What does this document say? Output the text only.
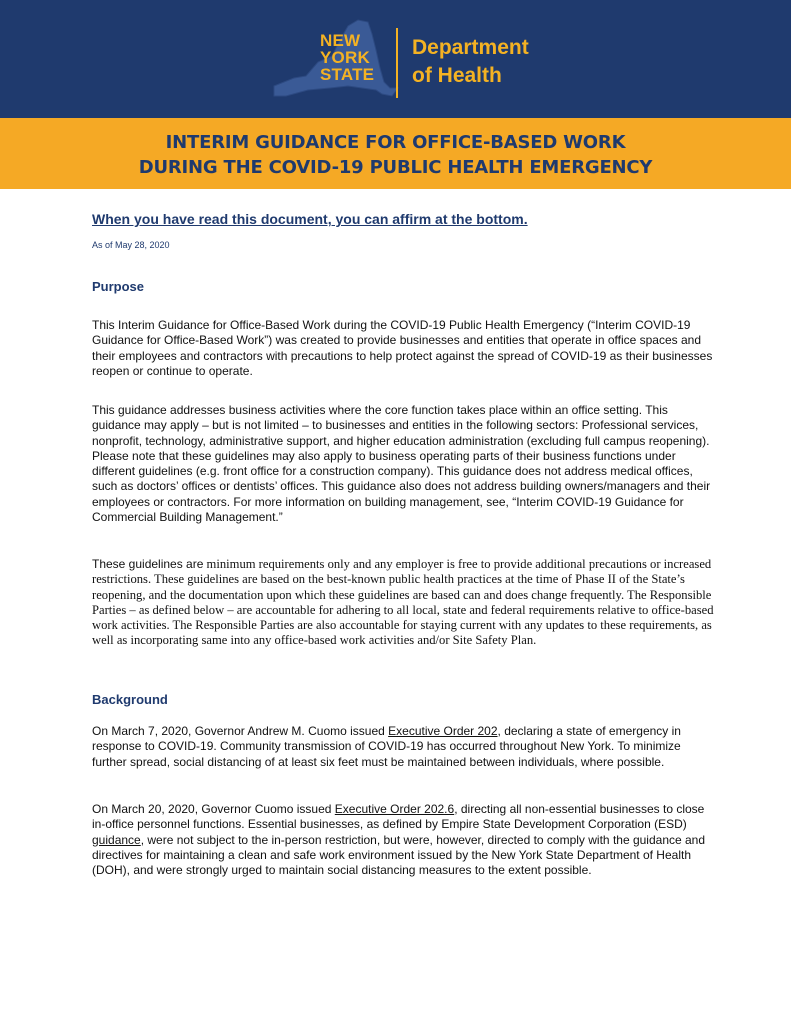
NEW
YORK
STATE
Department
of Health
INTERIM GUIDANCE FOR OFFICE-BASED WORK
DURING THE COVID-19 PUBLIC HEALTH EMERGENCY
When you have read this document, you can affirm at the bottom.
As of May 28, 2020
Purpose

This Interim Guidance for Office-Based Work during the COVID-19 Public Health Emergency (“Interim COVID-19 Guidance for Office-Based Work”) was created to provide businesses and entities that operate in office spaces and their employees and contractors with precautions to help protect against the spread of COVID-19 as their businesses reopen or continue to operate.

This guidance addresses business activities where the core function takes place within an office setting. This guidance may apply – but is not limited – to businesses and entities in the following sectors: Professional services, nonprofit, technology, administrative support, and higher education administration (excluding full campus reopening). Please note that these guidelines may also apply to business operating parts of their business functions under different guidelines (e.g. front office for a construction company). This guidance does not address medical offices, such as doctors’ offices or dentists’ offices. This guidance also does not address building owners/managers and their employees or contractors. For more information on building management, see, “Interim COVID-19 Guidance for Commercial Building Management.”

These guidelines are minimum requirements only and any employer is free to provide additional precautions or increased restrictions. These guidelines are based on the best-known public health practices at the time of Phase II of the State’s reopening, and the documentation upon which these guidelines are based can and does change frequently. The Responsible Parties – as defined below – are accountable for adhering to all local, state and federal requirements relative to office-based work activities. The Responsible Parties are also accountable for staying current with any updates to these requirements, as well as incorporating same into any office-based work activities and/or Site Safety Plan.

Background

On March 7, 2020, Governor Andrew M. Cuomo issued Executive Order 202, declaring a state of emergency in response to COVID-19. Community transmission of COVID-19 has occurred throughout New York. To minimize further spread, social distancing of at least six feet must be maintained between individuals, where possible.

On March 20, 2020, Governor Cuomo issued Executive Order 202.6, directing all non-essential businesses to close in-office personnel functions. Essential businesses, as defined by Empire State Development Corporation (ESD) guidance, were not subject to the in-person restriction, but were, however, directed to comply with the guidance and directives for maintaining a clean and safe work environment issued by the New York State Department of Health (DOH), and were strongly urged to maintain social distancing measures to the extent possible.
